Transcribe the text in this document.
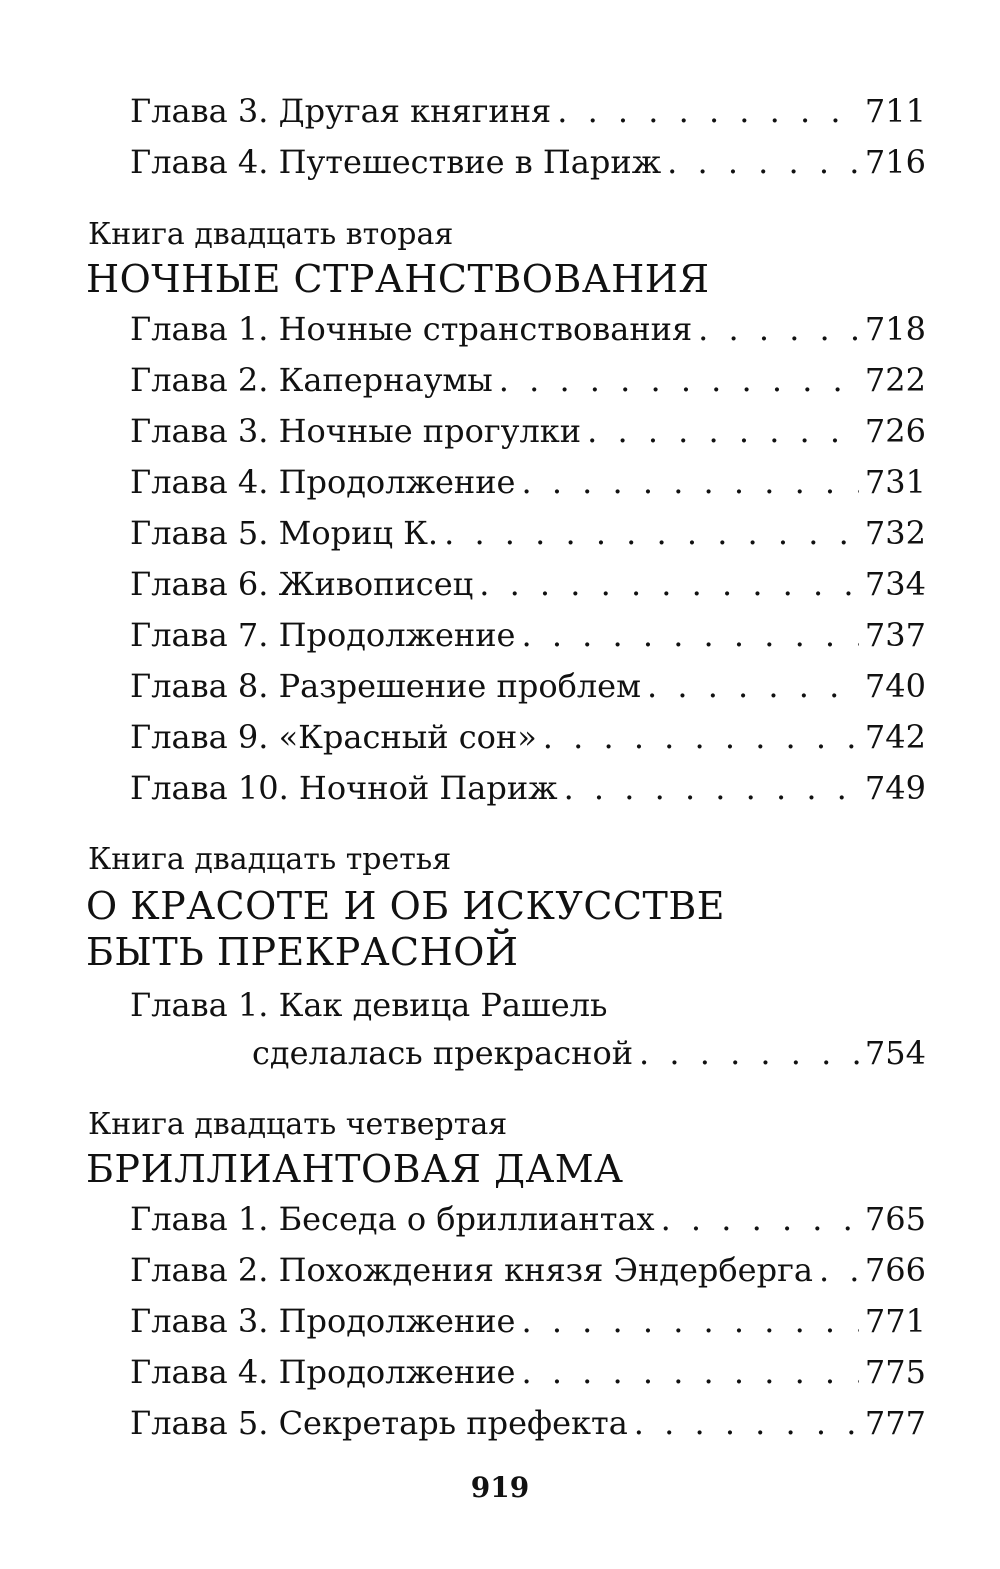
Глава 3. Другая княгиня . . .	711
Глава 4. Путешествие в Париж . . .	716
Книга двадцать вторая
НОЧНЫЕ СТРАНСТВОВАНИЯ
Глава 1. Ночные странствования . . .	718
Глава 2. Капернаумы . . .	722
Глава 3. Ночные прогулки . . .	726
Глава 4. Продолжение . . .	731
Глава 5. Мориц К. . . .	732
Глава 6. Живописец . . .	734
Глава 7. Продолжение . . .	737
Глава 8. Разрешение проблем . . .	740
Глава 9. «Красный сон» . . .	742
Глава 10. Ночной Париж . . .	749
Книга двадцать третья
О КРАСОТЕ И ОБ ИСКУССТВЕ
БЫТЬ ПРЕКРАСНОЙ
Глава 1. Как девица Рашель
сделалась прекрасной . . .	754
Книга двадцать четвертая
БРИЛЛИАНТОВАЯ ДАМА
Глава 1. Беседа о бриллиантах . . .	765
Глава 2. Похождения князя Эндерберга . . . 766
Глава 3. Продолжение . . .	771
Глава 4. Продолжение . . .	775
Глава 5. Секретарь префекта . . .	777
919
